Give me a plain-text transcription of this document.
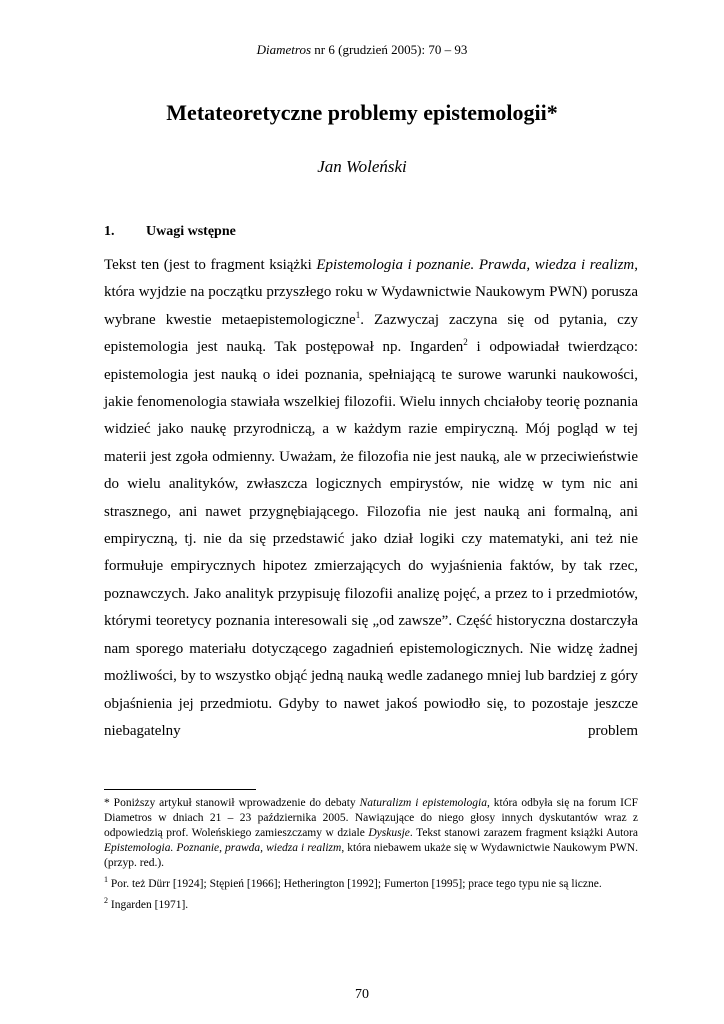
Diametros nr 6 (grudzień 2005): 70 – 93
Metateoretyczne problemy epistemologii*
Jan Woleński
1. Uwagi wstępne

Tekst ten (jest to fragment książki Epistemologia i poznanie. Prawda, wiedza i realizm, która wyjdzie na początku przyszłego roku w Wydawnictwie Naukowym PWN) porusza wybrane kwestie metaepistemologiczne$^1$. Zazwyczaj zaczyna się od pytania, czy epistemologia jest nauką. Tak postępował np. Ingarden$^2$ i odpowiadał twierdząco: epistemologia jest nauką o idei poznania, spełniającą te surowe warunki naukowości, jakie fenomenologia stawiała wszelkiej filozofii. Wielu innych chciałoby teorię poznania widzieć jako naukę przyrodniczą, a w każdym razie empiryczną. Mój pogląd w tej materii jest zgoła odmienny. Uważam, że filozofia nie jest nauką, ale w przeciwieństwie do wielu analityków, zwłaszcza logicznych empirystów, nie widzę w tym nic ani strasznego, ani nawet przygnębiającego. Filozofia nie jest nauką ani formalną, ani empiryczną, tj. nie da się przedstawić jako dział logiki czy matematyki, ani też nie formułuje empirycznych hipotez zmierzających do wyjaśnienia faktów, by tak rzec, poznawczych. Jako analityk przypisuję filozofii analizę pojęć, a przez to i przedmiotów, którymi teoretycy poznania interesowali się „od zawsze”. Część historyczna dostarczyła nam sporego materiału dotyczącego zagadnień epistemologicznych. Nie widzę żadnej możliwości, by to wszystko objąć jedną nauką wedle zadanego mniej lub bardziej z góry objaśnienia jej przedmiotu. Gdyby to nawet jakoś powiodło się, to pozostaje jeszcze niebagatelny problem

* Poniższy artykuł stanowił wprowadzenie do debaty Naturalizm i epistemologia, która odbyła się na forum ICF Diametros w dniach 21 – 23 października 2005. Nawiązujące do niego głosy innych dyskutantów wraz z odpowiedzią prof. Woleńskiego zamieszczamy w dziale Dyskusje. Tekst stanowi zarazem fragment książki Autora Epistemologia. Poznanie, prawda, wiedza i realizm, która niebawem ukaże się w Wydawnictwie Naukowym PWN. (przyp. red.).

$^1$ Por. też Dürr [1924]; Stępień [1966]; Hetherington [1992]; Fumerton [1995]; prace tego typu nie są liczne.

$^2$ Ingarden [1971].

70
